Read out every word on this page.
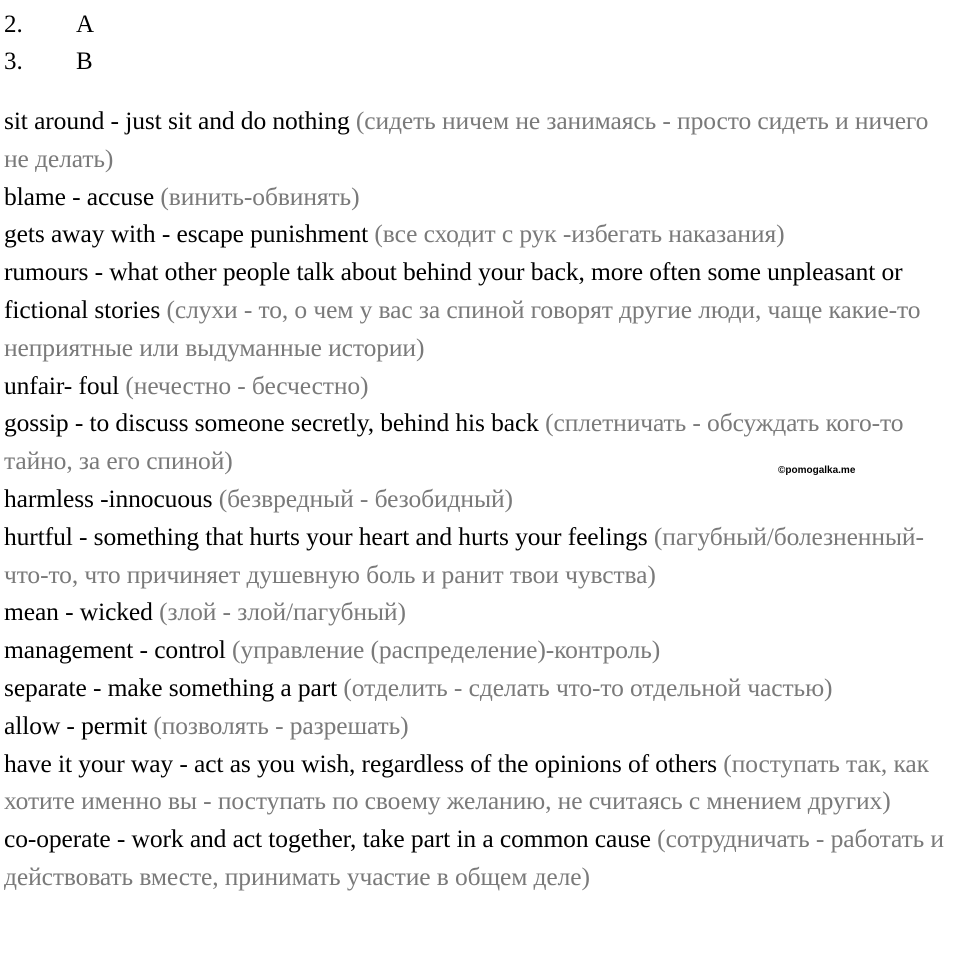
2.	A
3.	B

sit around - just sit and do nothing (сидеть ничем не занимаясь - просто сидеть и ничего не делать)

blame - accuse (винить-обвинять)

gets away with - escape punishment (все сходит с рук -избегать наказания)

rumours - what other people talk about behind your back, more often some unpleasant or fictional stories (слухи - то, о чем у вас за спиной говорят другие люди, чаще какие-то неприятные или выдуманные истории)

unfair- foul (нечестно - бесчестно)

gossip - to discuss someone secretly, behind his back (сплетничать - обсуждать кого-то тайно, за его спиной)

harmless -innocuous (безвредный - безобидный)

hurtful - something that hurts your heart and hurts your feelings (пагубный/болезненный-что-то, что причиняет душевную боль и ранит твои чувства)

mean - wicked (злой - злой/пагубный)

management - control (управление (распределение)-контроль)

separate - make something a part (отделить - сделать что-то отдельной частью)

allow - permit (позволять - разрешать)

have it your way - act as you wish, regardless of the opinions of others (поступать так, как хотите именно вы - поступать по своему желанию, не считаясь с мнением других)

co-operate - work and act together, take part in a common cause (сотрудничать - работать и действовать вместе, принимать участие в общем деле)

©pomogalka.me
